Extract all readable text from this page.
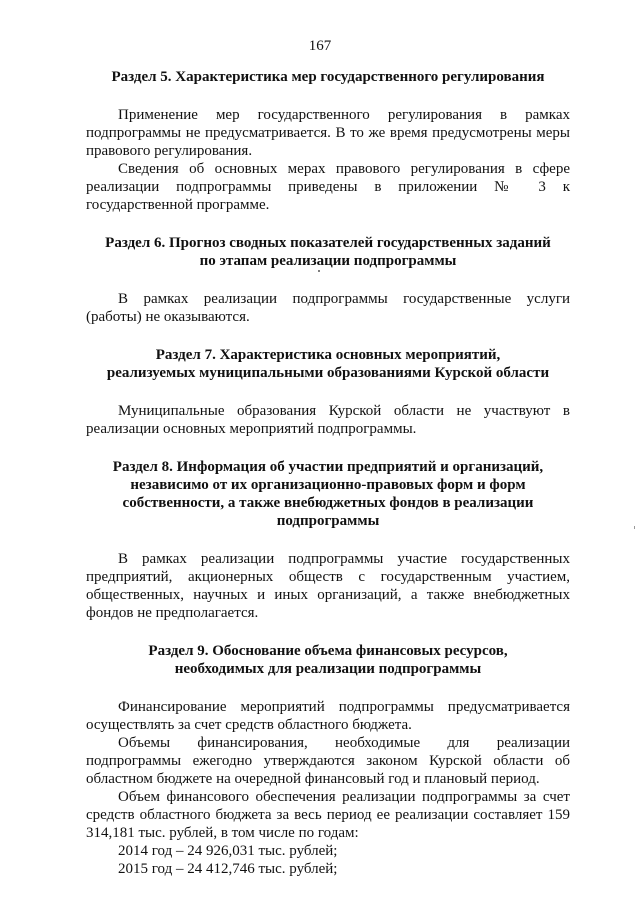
167
Раздел 5. Характеристика мер государственного регулирования

Применение мер государственного регулирования в рамках подпрограммы не предусматривается. В то же время предусмотрены меры правового регулирования.

Сведения об основных мерах правового регулирования в сфере реализации подпрограммы приведены в приложении № 3 к государственной программе.

Раздел 6. Прогноз сводных показателей государственных заданий
по этапам реализации подпрограммы

В рамках реализации подпрограммы государственные услуги (работы) не оказываются.

Раздел 7. Характеристика основных мероприятий,
реализуемых муниципальными образованиями Курской области

Муниципальные образования Курской области не участвуют в реализации основных мероприятий подпрограммы.

Раздел 8. Информация об участии предприятий и организаций,
независимо от их организационно-правовых форм и форм
собственности, а также внебюджетных фондов в реализации
подпрограммы

В рамках реализации подпрограммы участие государственных предприятий, акционерных обществ с государственным участием, общественных, научных и иных организаций, а также внебюджетных фондов не предполагается.

Раздел 9. Обоснование объема финансовых ресурсов,
необходимых для реализации подпрограммы

Финансирование мероприятий подпрограммы предусматривается осуществлять за счет средств областного бюджета.

Объемы финансирования, необходимые для реализации подпрограммы ежегодно утверждаются законом Курской области об областном бюджете на очередной финансовый год и плановый период.

Объем финансового обеспечения реализации подпрограммы за счет средств областного бюджета за весь период ее реализации составляет 159 314,181 тыс. рублей, в том числе по годам:

2014 год – 24 926,031 тыс. рублей;

2015 год – 24 412,746 тыс. рублей;
